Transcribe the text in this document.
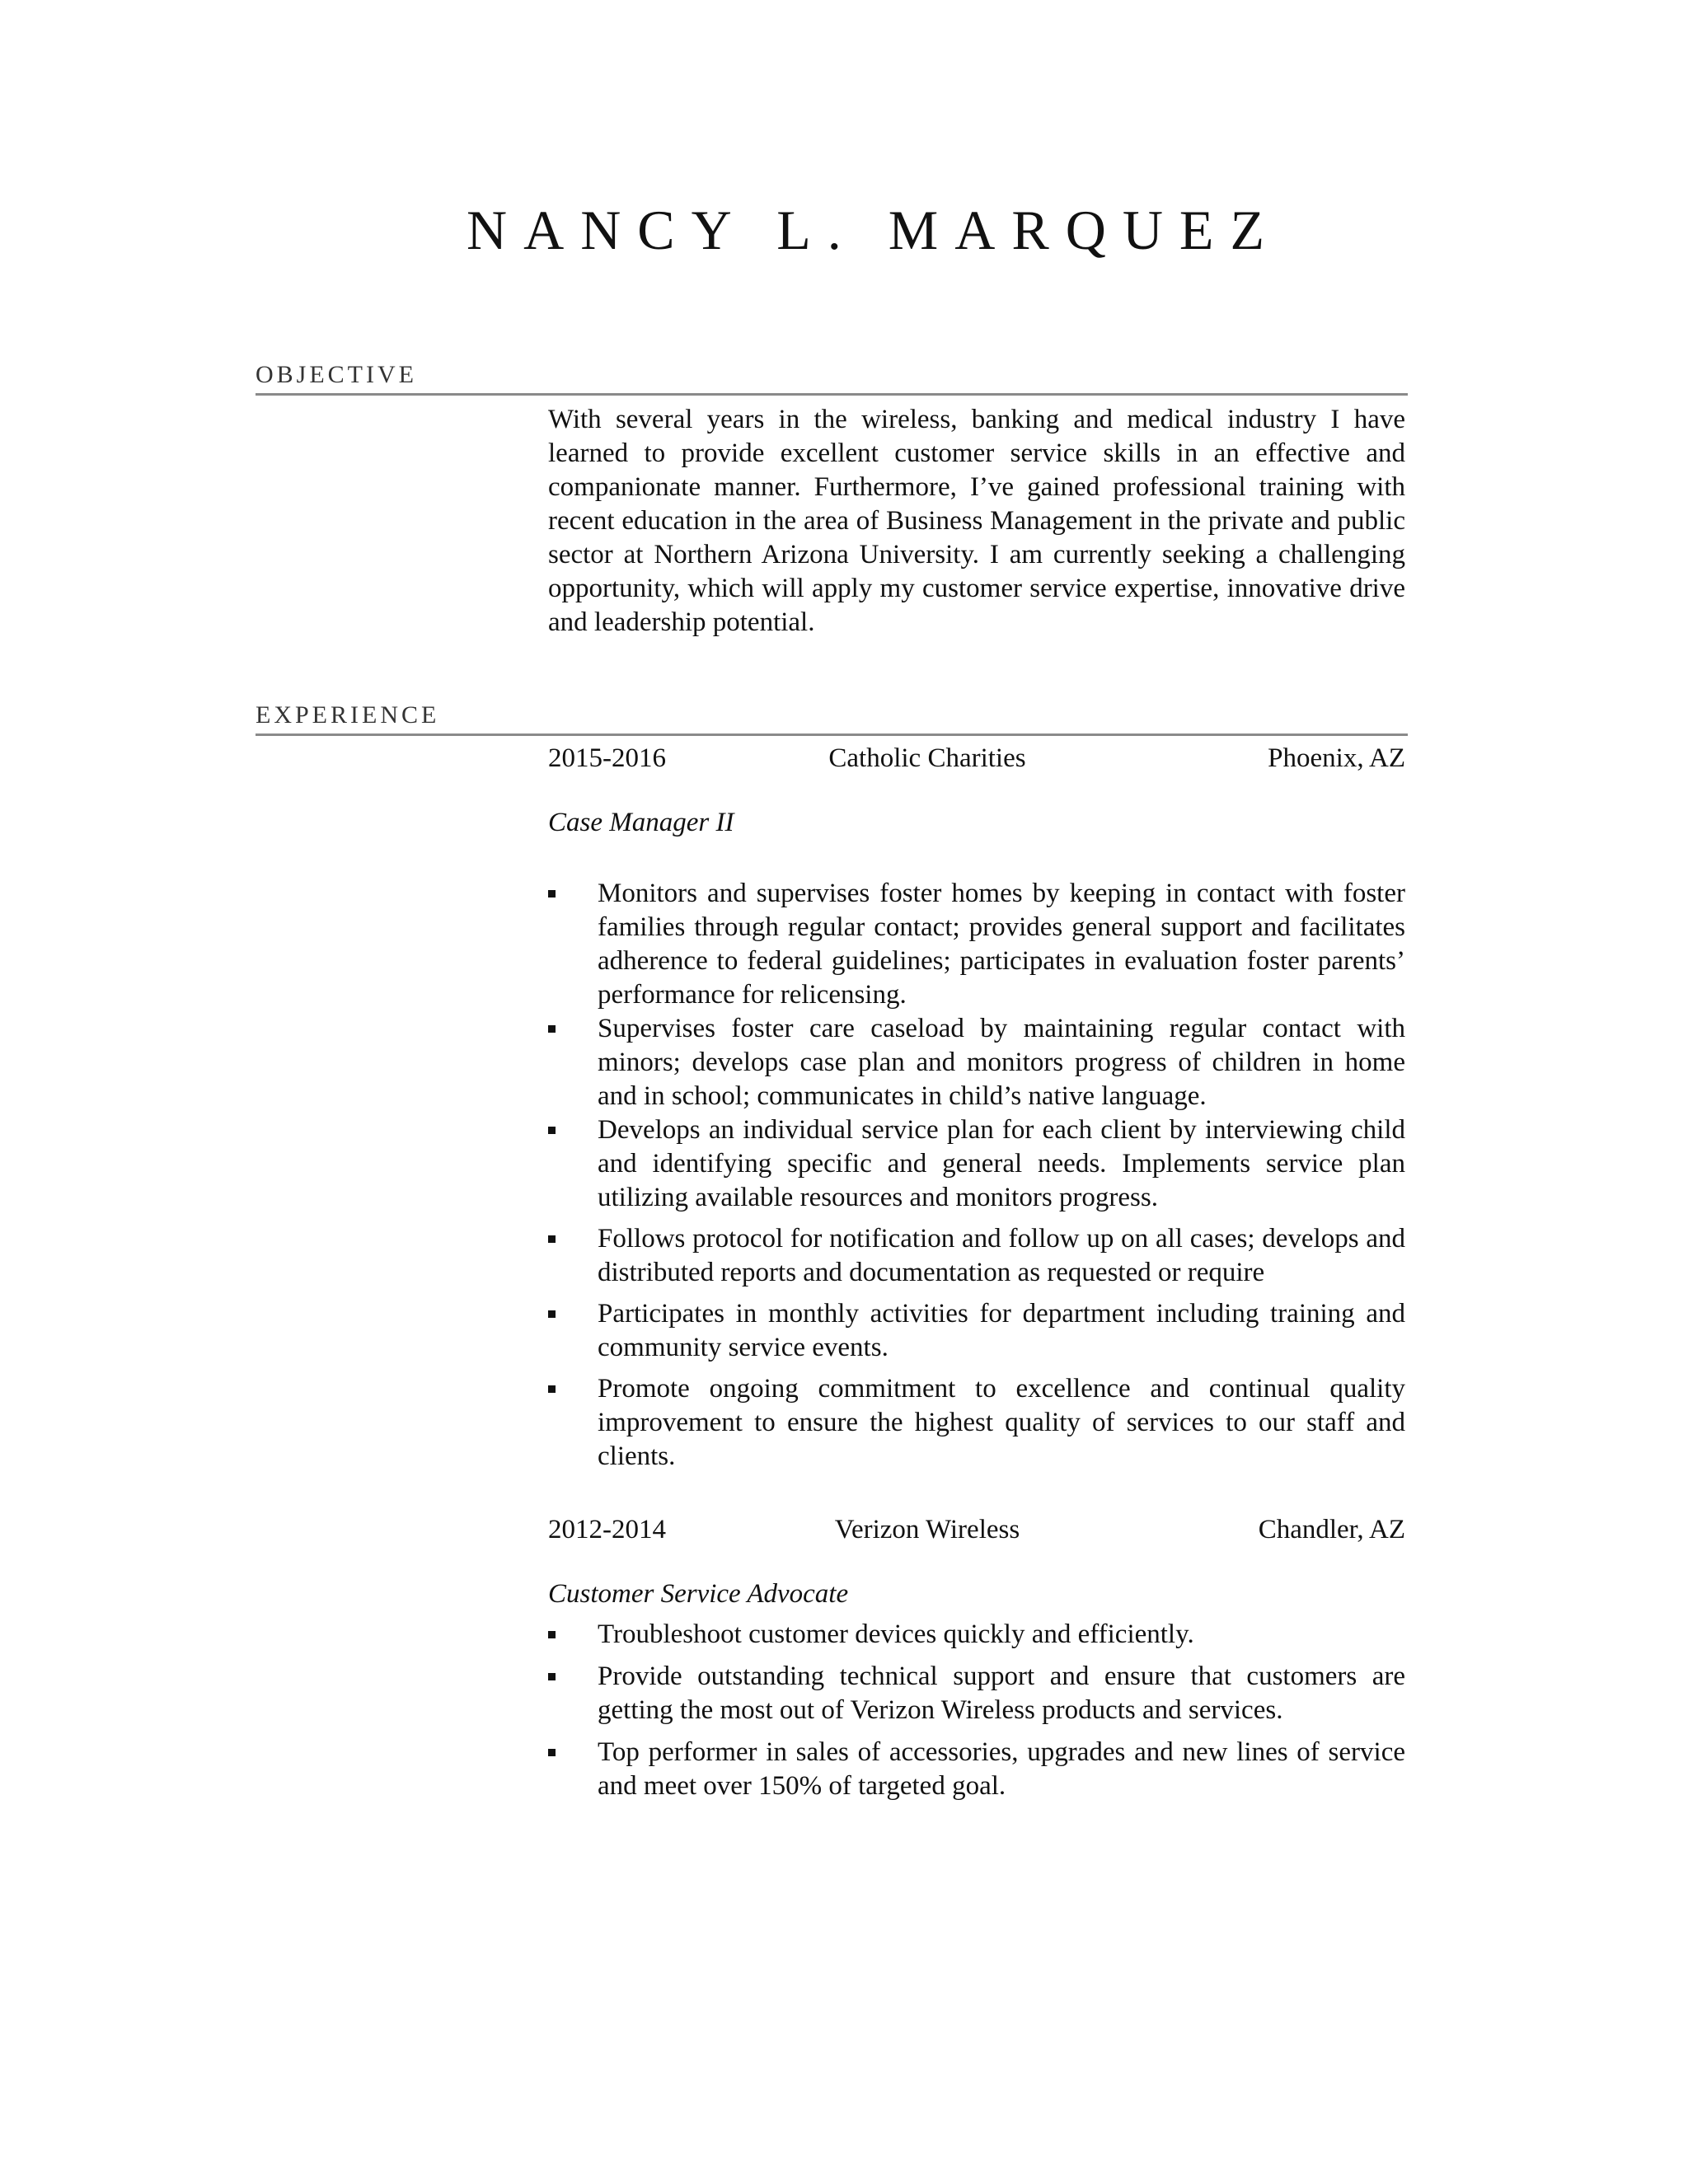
NANCY L. MARQUEZ
OBJECTIVE
With several years in the wireless, banking and medical industry I have learned to provide excellent customer service skills in an effective and companionate manner. Furthermore, I’ve gained professional training with recent education in the area of Business Management in the private and public sector at Northern Arizona University. I am currently seeking a challenging opportunity, which will apply my customer service expertise, innovative drive and leadership potential.
EXPERIENCE
2015-2016	Catholic Charities	Phoenix, AZ
Case Manager II
Monitors and supervises foster homes by keeping in contact with foster families through regular contact; provides general support and facilitates adherence to federal guidelines; participates in evaluation foster parents’ performance for relicensing.
Supervises foster care caseload by maintaining regular contact with minors; develops case plan and monitors progress of children in home and in school; communicates in child’s native language.
Develops an individual service plan for each client by interviewing child and identifying specific and general needs. Implements service plan utilizing available resources and monitors progress.
Follows protocol for notification and follow up on all cases; develops and distributed reports and documentation as requested or require
Participates in monthly activities for department including training and community service events.
Promote ongoing commitment to excellence and continual quality improvement to ensure the highest quality of services to our staff and clients.
2012-2014	Verizon Wireless	Chandler, AZ
Customer Service Advocate
Troubleshoot customer devices quickly and efficiently.
Provide outstanding technical support and ensure that customers are getting the most out of Verizon Wireless products and services.
Top performer in sales of accessories, upgrades and new lines of service and meet over 150% of targeted goal.
